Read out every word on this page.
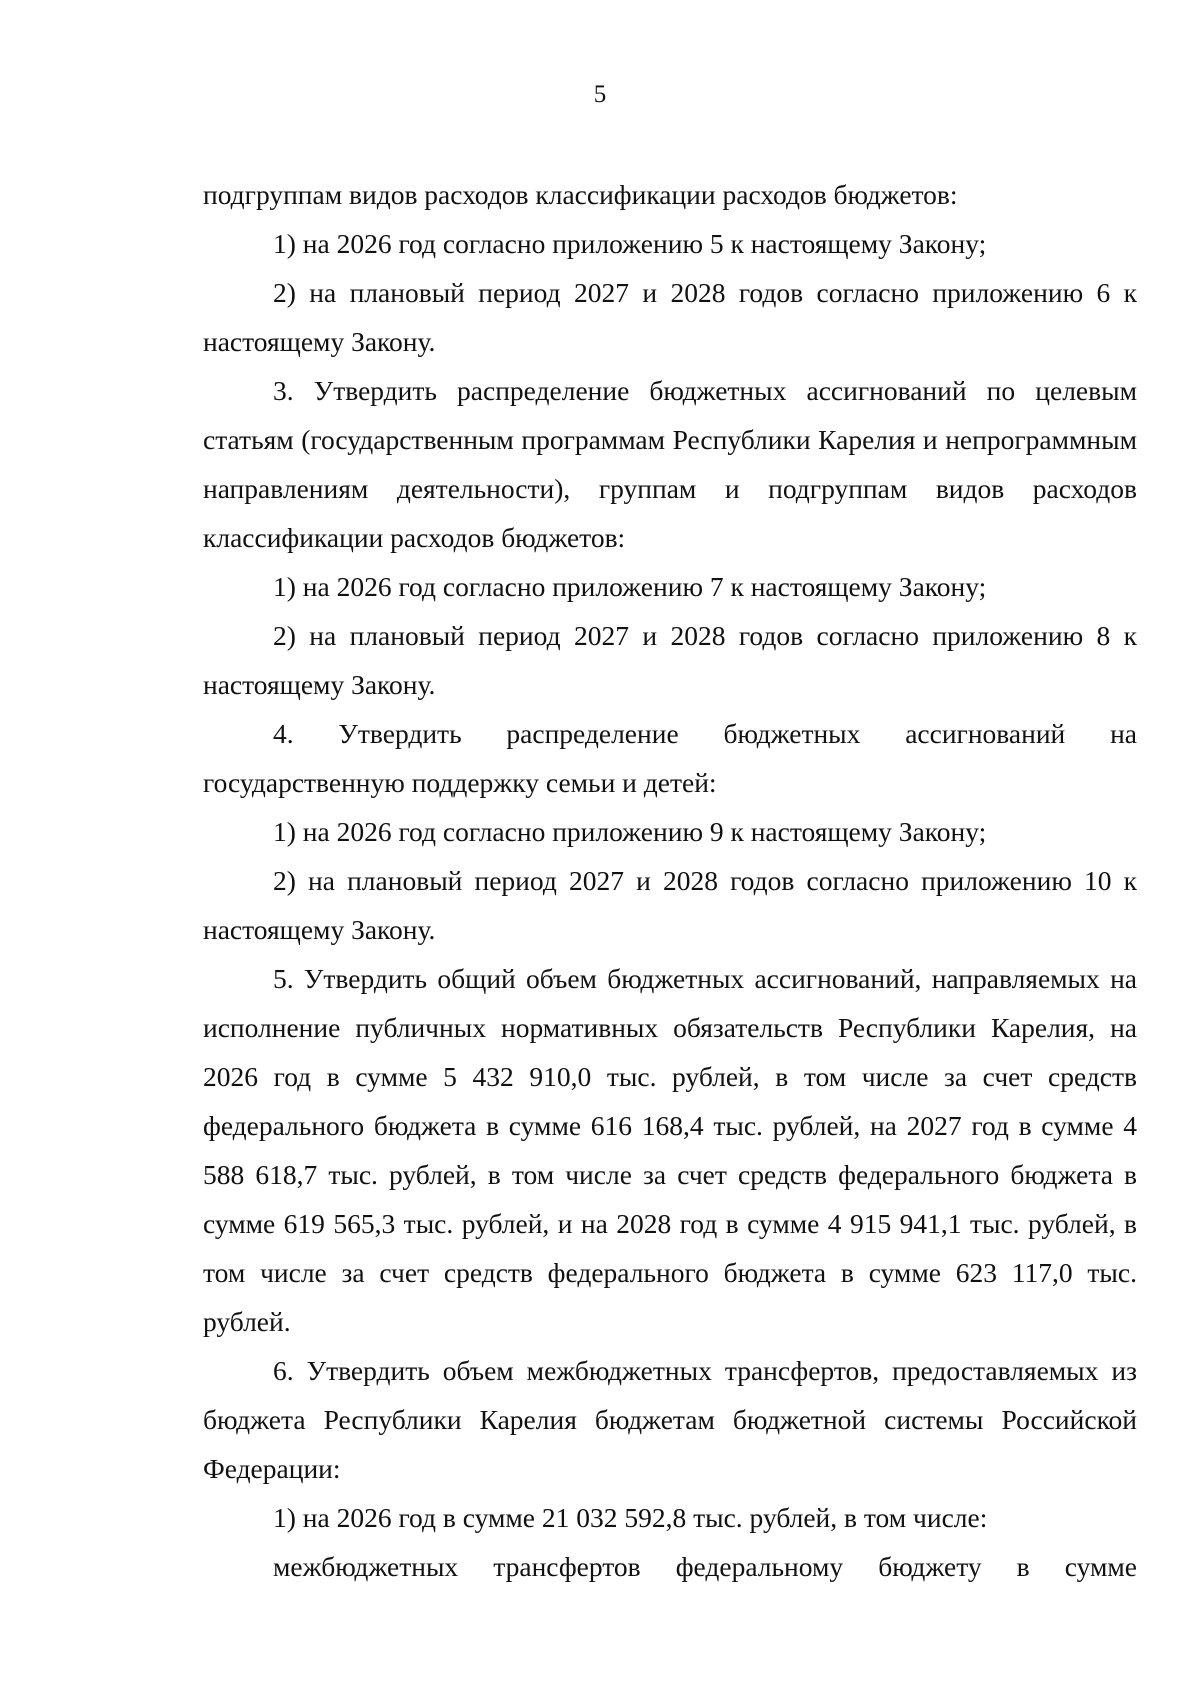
5

подгруппам видов расходов классификации расходов бюджетов:

1) на 2026 год согласно приложению 5 к настоящему Закону;

2) на плановый период 2027 и 2028 годов согласно приложению 6 к настоящему Закону.

3. Утвердить распределение бюджетных ассигнований по целевым статьям (государственным программам Республики Карелия и непрограммным направлениям деятельности), группам и подгруппам видов расходов классификации расходов бюджетов:

1) на 2026 год согласно приложению 7 к настоящему Закону;

2) на плановый период 2027 и 2028 годов согласно приложению 8 к настоящему Закону.

4. Утвердить распределение бюджетных ассигнований на государственную поддержку семьи и детей:

1) на 2026 год согласно приложению 9 к настоящему Закону;

2) на плановый период 2027 и 2028 годов согласно приложению 10 к настоящему Закону.

5. Утвердить общий объем бюджетных ассигнований, направляемых на исполнение публичных нормативных обязательств Республики Карелия, на 2026 год в сумме 5 432 910,0 тыс. рублей, в том числе за счет средств федерального бюджета в сумме 616 168,4 тыс. рублей, на 2027 год в сумме 4 588 618,7 тыс. рублей, в том числе за счет средств федерального бюджета в сумме 619 565,3 тыс. рублей, и на 2028 год в сумме 4 915 941,1 тыс. рублей, в том числе за счет средств федерального бюджета в сумме 623 117,0 тыс. рублей.

6. Утвердить объем межбюджетных трансфертов, предоставляемых из бюджета Республики Карелия бюджетам бюджетной системы Российской Федерации:

1) на 2026 год в сумме 21 032 592,8 тыс. рублей, в том числе:

межбюджетных трансфертов федеральному бюджету в сумме
